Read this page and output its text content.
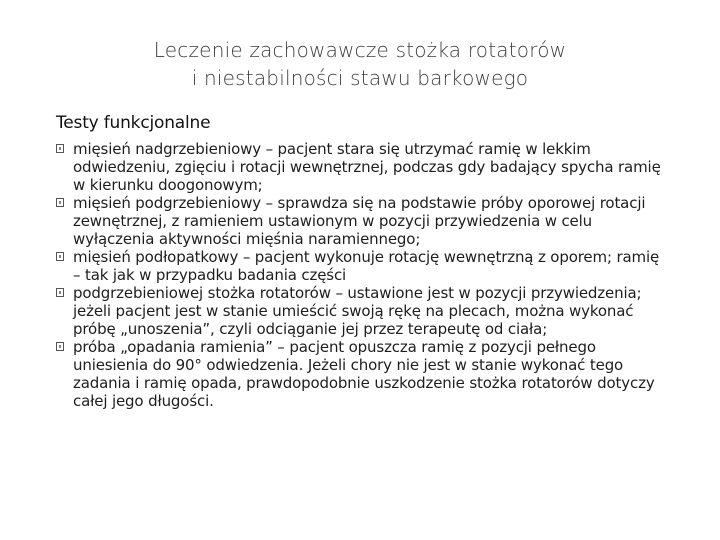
Leczenie zachowawcze stożka rotatorów
i niestabilności stawu barkowego
Testy funkcjonalne
mięsień nadgrzebieniowy – pacjent stara się utrzymać ramię w lekkim odwiedzeniu, zgięciu i rotacji wewnętrznej, podczas gdy badający spycha ramię w kierunku doogonowym;
mięsień podgrzebieniowy – sprawdza się na podstawie próby oporowej rotacji zewnętrznej, z ramieniem ustawionym w pozycji przywiedzenia w celu wyłączenia aktywności mięśnia naramiennego;
mięsień podłopatkowy – pacjent wykonuje rotację wewnętrzną z oporem; ramię – tak jak w przypadku badania części
podgrzebieniowej stożka rotatorów – ustawione jest w pozycji przywiedzenia; jeżeli pacjent jest w stanie umieścić swoją rękę na plecach, można wykonać próbę „unoszenia”, czyli odciąganie jej przez terapeutę od ciała;
próba „opadania ramienia” – pacjent opuszcza ramię z pozycji pełnego uniesienia do 90° odwiedzenia. Jeżeli chory nie jest w stanie wykonać tego zadania i ramię opada, prawdopodobnie uszkodzenie stożka rotatorów dotyczy całej jego długości.
